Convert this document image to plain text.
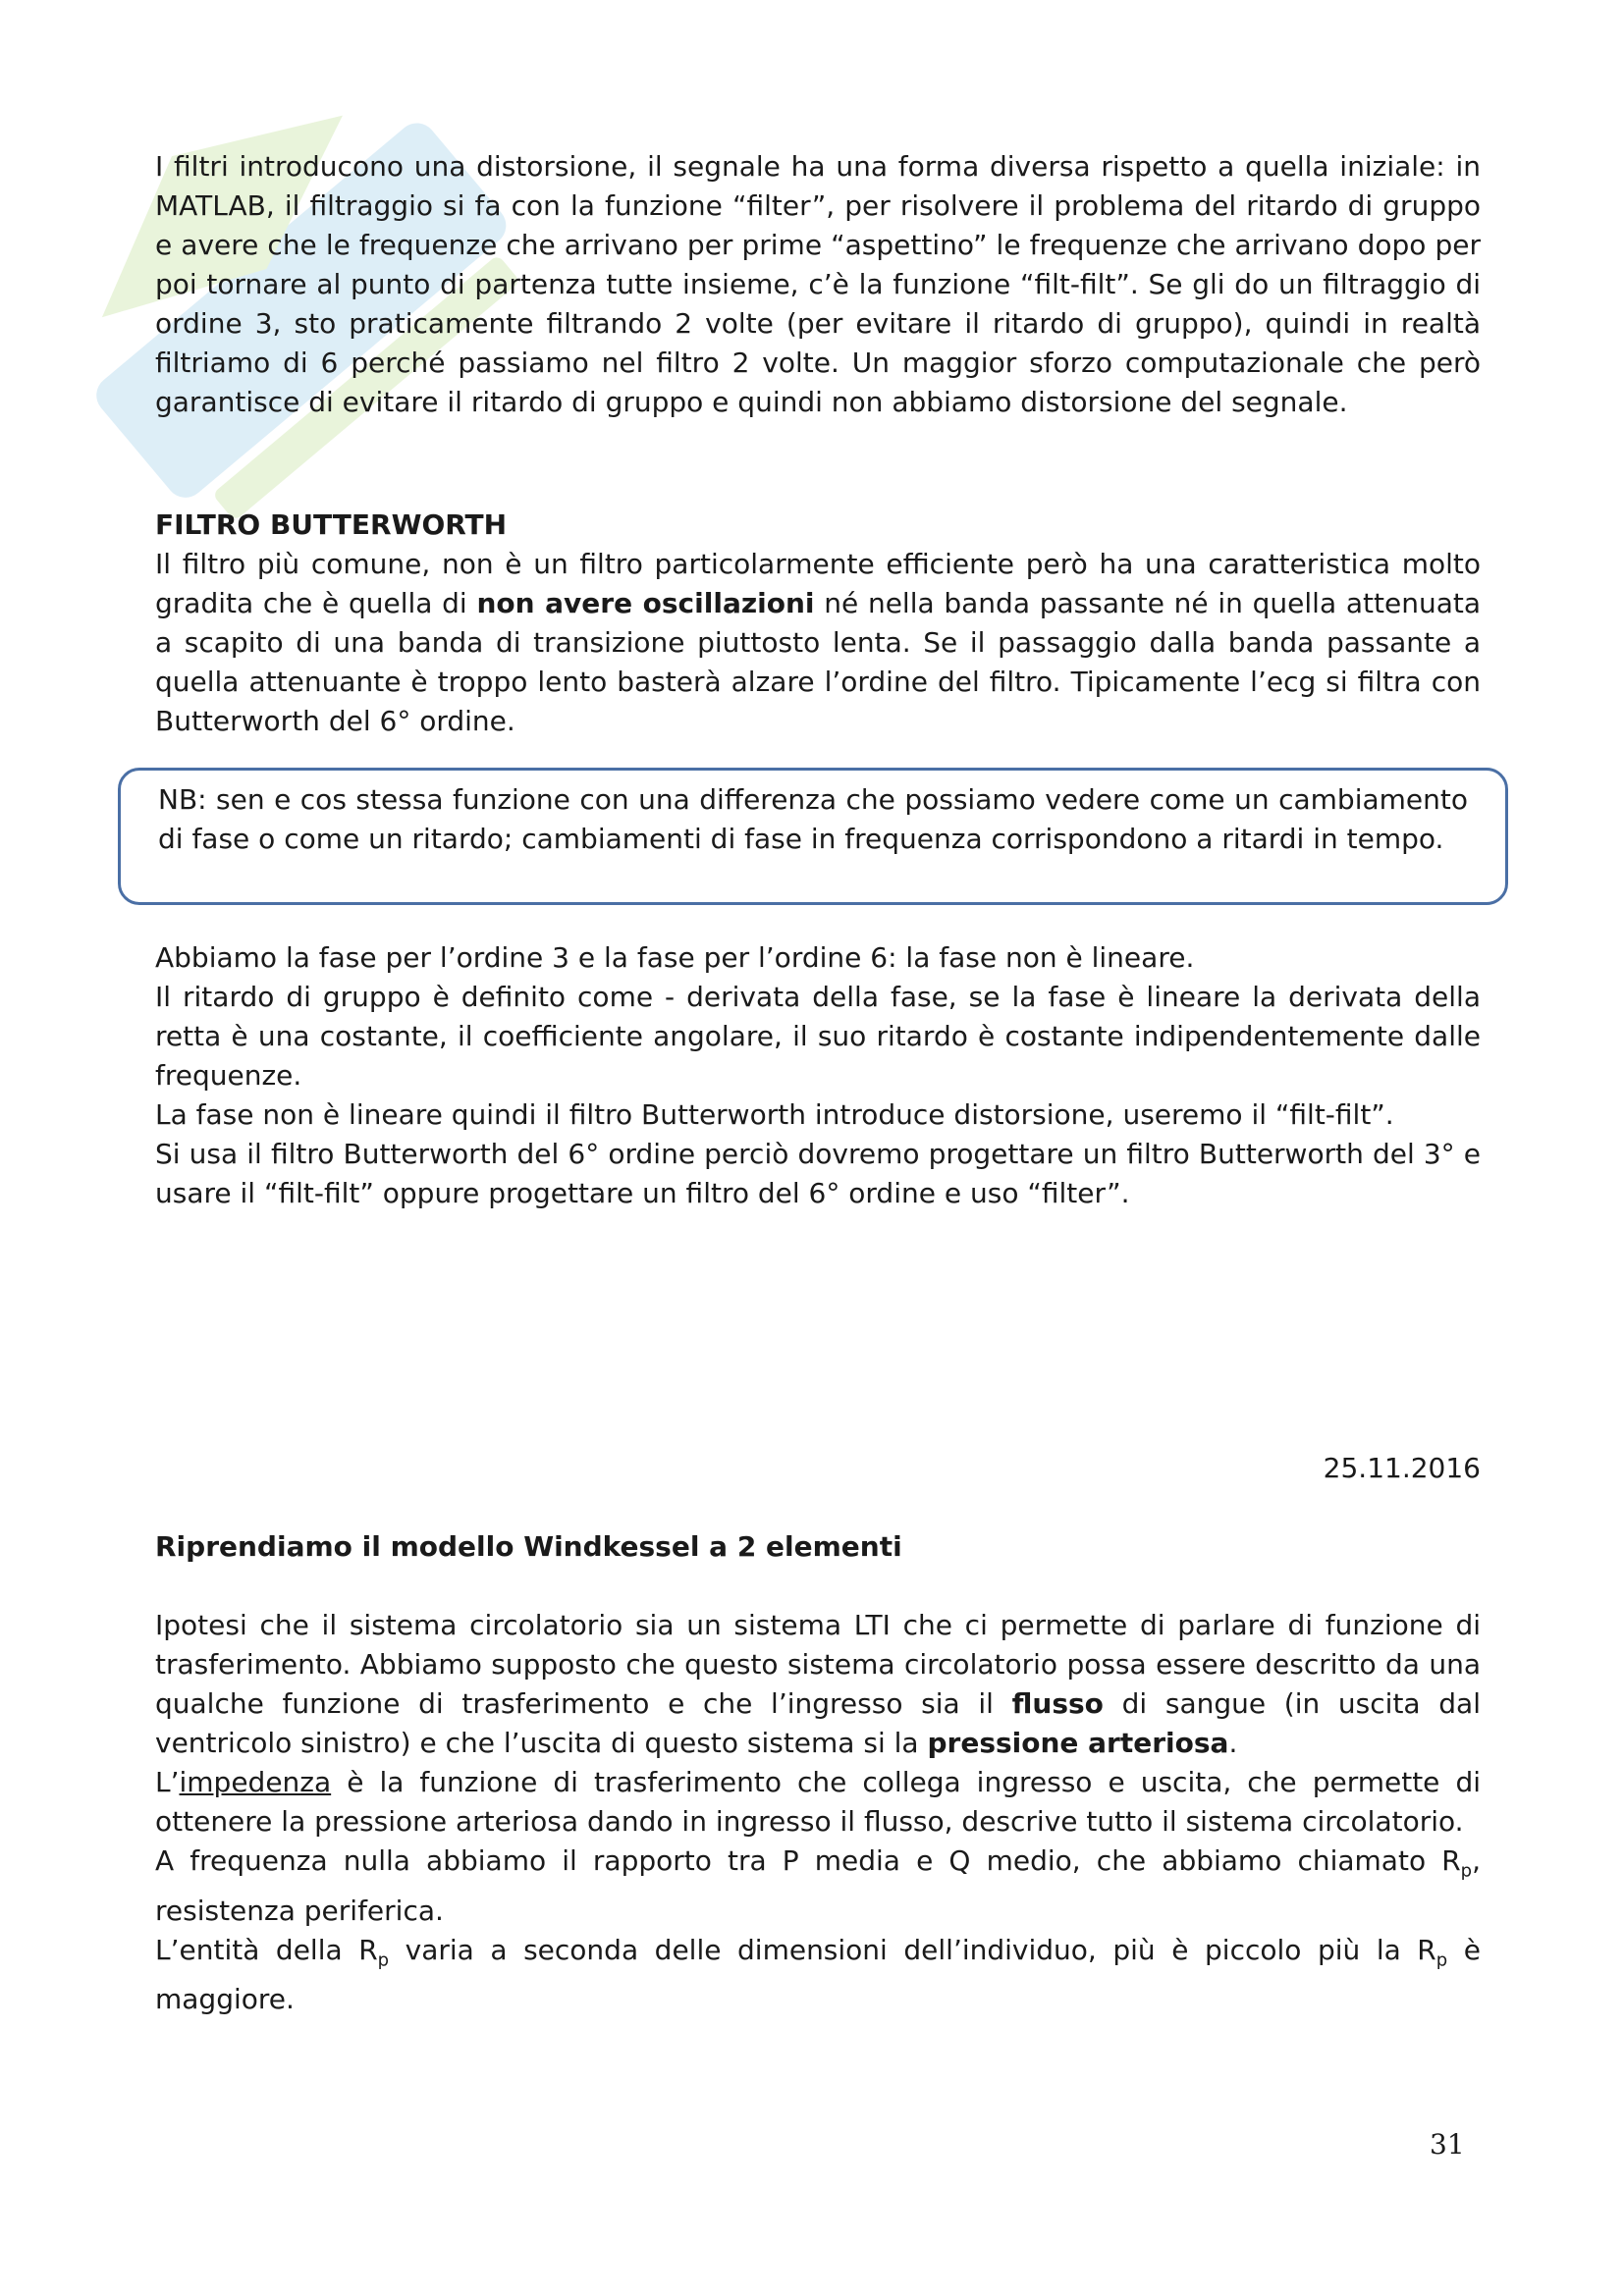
I filtri introducono una distorsione, il segnale ha una forma diversa rispetto a quella iniziale: in MATLAB, il filtraggio si fa con la funzione “filter”, per risolvere il problema del ritardo di gruppo e avere che le frequenze che arrivano per prime “aspettino” le frequenze che arrivano dopo per poi tornare al punto di partenza tutte insieme, c’è la funzione “filt-filt”. Se gli do un filtraggio di ordine 3, sto praticamente filtrando 2 volte (per evitare il ritardo di gruppo), quindi in realtà filtriamo di 6 perché passiamo nel filtro 2 volte. Un maggior sforzo computazionale che però garantisce di evitare il ritardo di gruppo e quindi non abbiamo distorsione del segnale.

FILTRO BUTTERWORTH

Il filtro più comune, non è un filtro particolarmente efficiente però ha una caratteristica molto gradita che è quella di non avere oscillazioni né nella banda passante né in quella attenuata a scapito di una banda di transizione piuttosto lenta. Se il passaggio dalla banda passante a quella attenuante è troppo lento basterà alzare l’ordine del filtro. Tipicamente l’ecg si filtra con Butterworth del 6° ordine.

NB: sen e cos stessa funzione con una differenza che possiamo vedere come un cambiamento di fase o come un ritardo; cambiamenti di fase in frequenza corrispondono a ritardi in tempo.

Abbiamo la fase per l’ordine 3 e la fase per l’ordine 6: la fase non è lineare.

Il ritardo di gruppo è definito come - derivata della fase, se la fase è lineare la derivata della retta è una costante, il coefficiente angolare, il suo ritardo è costante indipendentemente dalle frequenze.

La fase non è lineare quindi il filtro Butterworth introduce distorsione, useremo il “filt-filt”.

Si usa il filtro Butterworth del 6° ordine perciò dovremo progettare un filtro Butterworth del 3° e usare il “filt-filt” oppure progettare un filtro del 6° ordine e uso “filter”.

25.11.2016

Riprendiamo il modello Windkessel a 2 elementi

Ipotesi che il sistema circolatorio sia un sistema LTI che ci permette di parlare di funzione di trasferimento. Abbiamo supposto che questo sistema circolatorio possa essere descritto da una qualche funzione di trasferimento e che l’ingresso sia il flusso di sangue (in uscita dal ventricolo sinistro) e che l’uscita di questo sistema si la pressione arteriosa.

L’impedenza è la funzione di trasferimento che collega ingresso e uscita, che permette di ottenere la pressione arteriosa dando in ingresso il flusso, descrive tutto il sistema circolatorio.

A frequenza nulla abbiamo il rapporto tra P media e Q medio, che abbiamo chiamato $R_p$, resistenza periferica.

L’entità della $R_p$ varia a seconda delle dimensioni dell’individuo, più è piccolo più la $R_p$ è maggiore.

31
